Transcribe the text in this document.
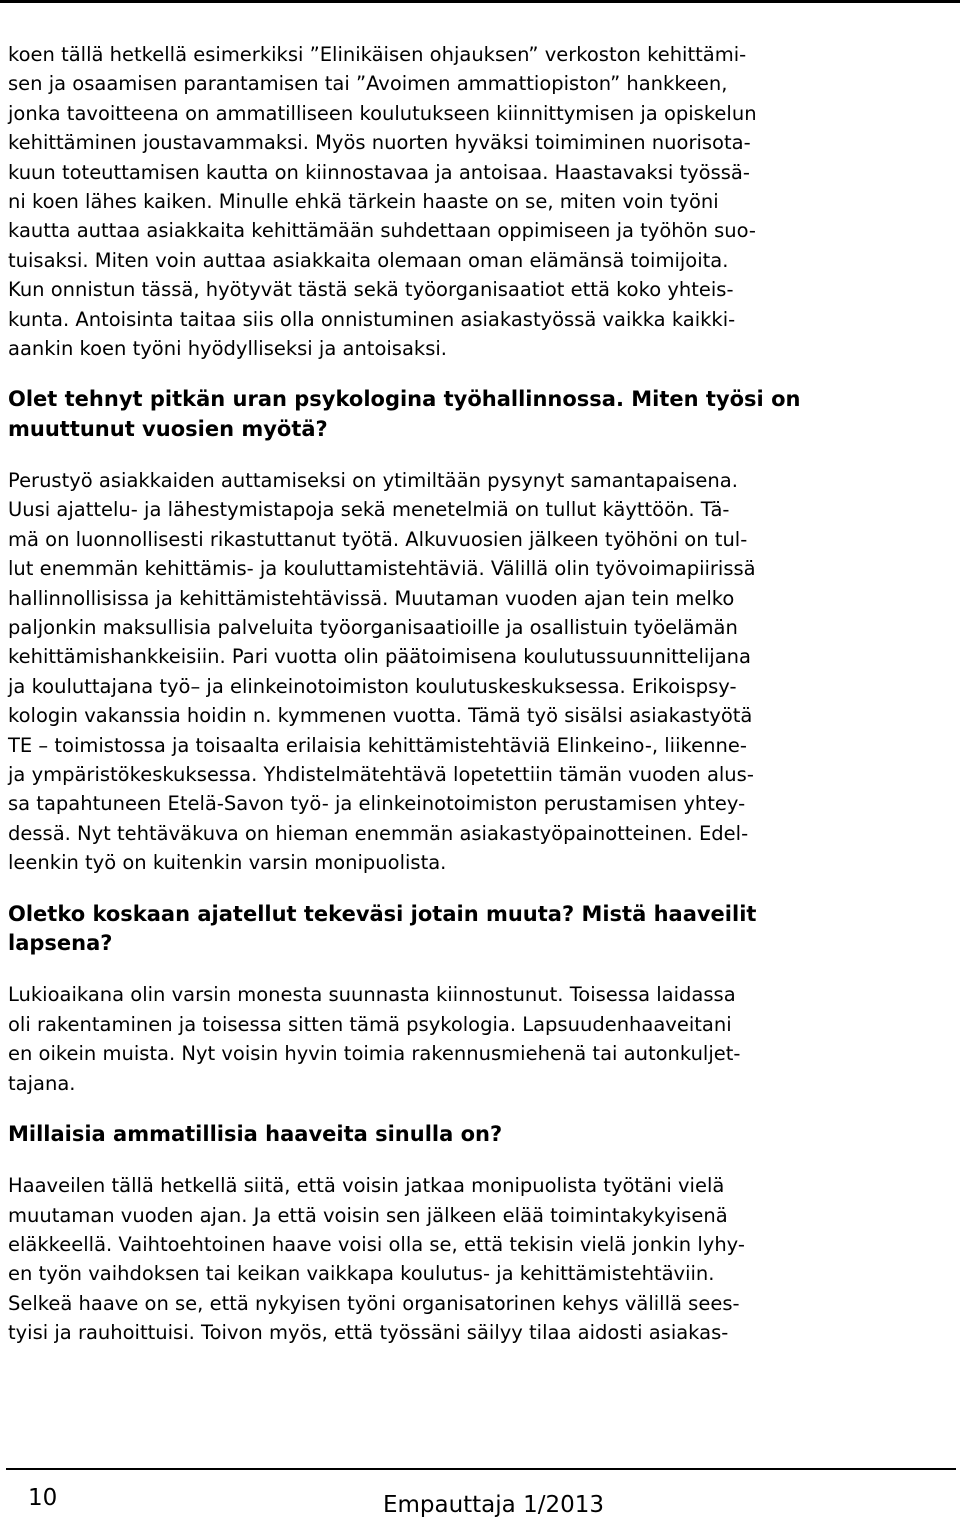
koen tällä hetkellä esimerkiksi ”Elinikäisen ohjauksen” verkoston kehittämi-
sen ja osaamisen parantamisen tai ”Avoimen ammattiopiston” hankkeen,
jonka tavoitteena on ammatilliseen koulutukseen kiinnittymisen ja opiskelun
kehittäminen joustavammaksi. Myös nuorten hyväksi toimiminen nuorisota-
kuun toteuttamisen kautta on kiinnostavaa ja antoisaa. Haastavaksi työssä-
ni koen lähes kaiken. Minulle ehkä tärkein haaste on se, miten voin työni
kautta auttaa asiakkaita kehittämään suhdettaan oppimiseen ja työhön suo-
tuisaksi. Miten voin auttaa asiakkaita olemaan oman elämänsä toimijoita.
Kun onnistun tässä, hyötyvät tästä sekä työorganisaatiot että koko yhteis-
kunta. Antoisinta taitaa siis olla onnistuminen asiakastyössä vaikka kaikki-
aankin koen työni hyödylliseksi ja antoisaksi.
Olet tehnyt pitkän uran psykologina työhallinnossa. Miten työsi on
muuttunut vuosien myötä?
Perustyö asiakkaiden auttamiseksi on ytimiltään pysynyt samantapaisena.
Uusi ajattelu- ja lähestymistapoja sekä menetelmiä on tullut käyttöön. Tä-
mä on luonnollisesti rikastuttanut työtä. Alkuvuosien jälkeen työhöni on tul-
lut enemmän kehittämis- ja kouluttamistehtäviä. Välillä olin työvoimapiirissä
hallinnollisissa ja kehittämistehtävissä. Muutaman vuoden ajan tein melko
paljonkin maksullisia palveluita työorganisaatioille ja osallistuin työelämän
kehittämishankkeisiin. Pari vuotta olin päätoimisena koulutussuunnittelijana
ja kouluttajana työ– ja elinkeinotoimiston koulutuskeskuksessa. Erikoispsy-
kologin vakanssia hoidin n. kymmenen vuotta. Tämä työ sisälsi asiakastyötä
TE – toimistossa ja toisaalta erilaisia kehittämistehtäviä Elinkeino-, liikenne-
ja ympäristökeskuksessa. Yhdistelmätehtävä lopetettiin tämän vuoden alus-
sa tapahtuneen Etelä-Savon työ- ja elinkeinotoimiston perustamisen yhtey-
dessä. Nyt tehtäväkuva on hieman enemmän asiakastyöpainotteinen. Edel-
leenkin työ on kuitenkin varsin monipuolista.
Oletko koskaan ajatellut tekeväsi jotain muuta? Mistä haaveilit
lapsena?
Lukioaikana olin varsin monesta suunnasta kiinnostunut. Toisessa laidassa
oli rakentaminen ja toisessa sitten tämä psykologia. Lapsuudenhaaveitani
en oikein muista. Nyt voisin hyvin toimia rakennusmiehenä tai autonkuljet-
tajana.
Millaisia ammatillisia haaveita sinulla on?
Haaveilen tällä hetkellä siitä, että voisin jatkaa monipuolista työtäni vielä
muutaman vuoden ajan. Ja että voisin sen jälkeen elää toimintakykyisenä
eläkkeellä. Vaihtoehtoinen haave voisi olla se, että tekisin vielä jonkin lyhy-
en työn vaihdoksen tai keikan vaikkapa koulutus- ja kehittämistehtäviin.
Selkeä haave on se, että nykyisen työni organisatorinen kehys välillä sees-
tyisi ja rauhoittuisi. Toivon myös, että työssäni säilyy tilaa aidosti asiakas-
10	Empauttaja 1/2013
